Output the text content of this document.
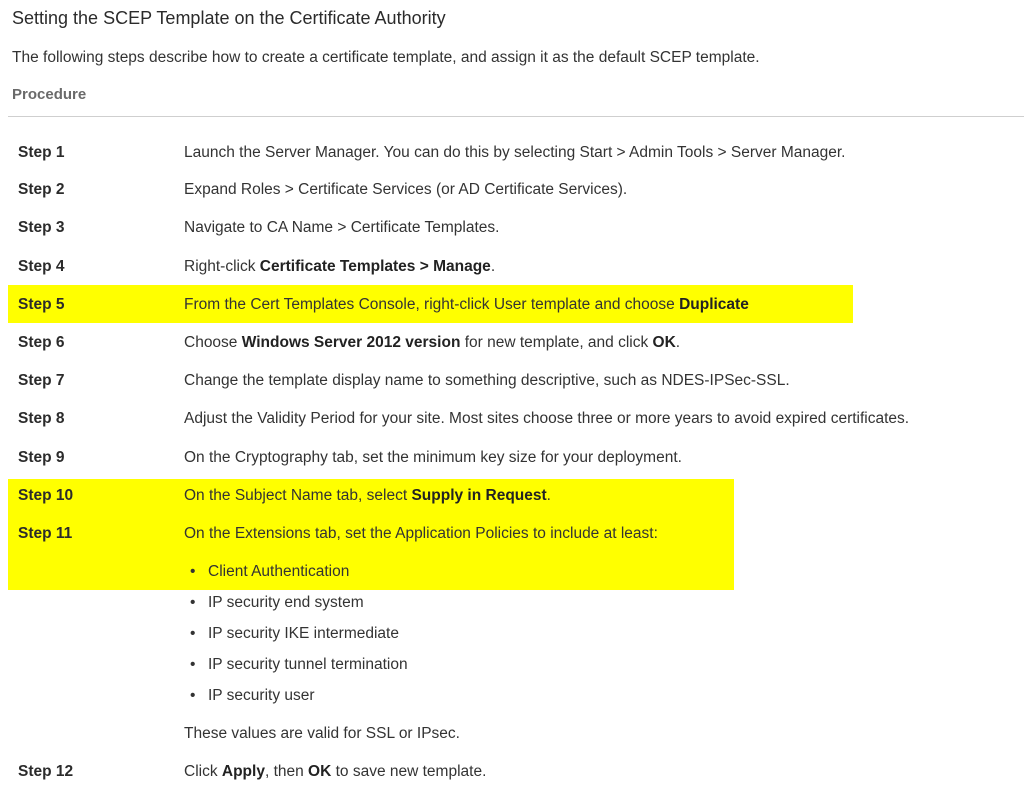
Setting the SCEP Template on the Certificate Authority
The following steps describe how to create a certificate template, and assign it as the default SCEP template.
Procedure
Step 1	Launch the Server Manager. You can do this by selecting Start > Admin Tools > Server Manager.
Step 2	Expand Roles > Certificate Services (or AD Certificate Services).
Step 3	Navigate to CA Name > Certificate Templates.
Step 4	Right-click Certificate Templates > Manage.
Step 5	From the Cert Templates Console, right-click User template and choose Duplicate
Step 6	Choose Windows Server 2012 version for new template, and click OK.
Step 7	Change the template display name to something descriptive, such as NDES-IPSec-SSL.
Step 8	Adjust the Validity Period for your site. Most sites choose three or more years to avoid expired certificates.
Step 9	On the Cryptography tab, set the minimum key size for your deployment.
Step 10	On the Subject Name tab, select Supply in Request.
Step 11	On the Extensions tab, set the Application Policies to include at least:
• Client Authentication
• IP security end system
• IP security IKE intermediate
• IP security tunnel termination
• IP security user
These values are valid for SSL or IPsec.
Step 12	Click Apply, then OK to save new template.
